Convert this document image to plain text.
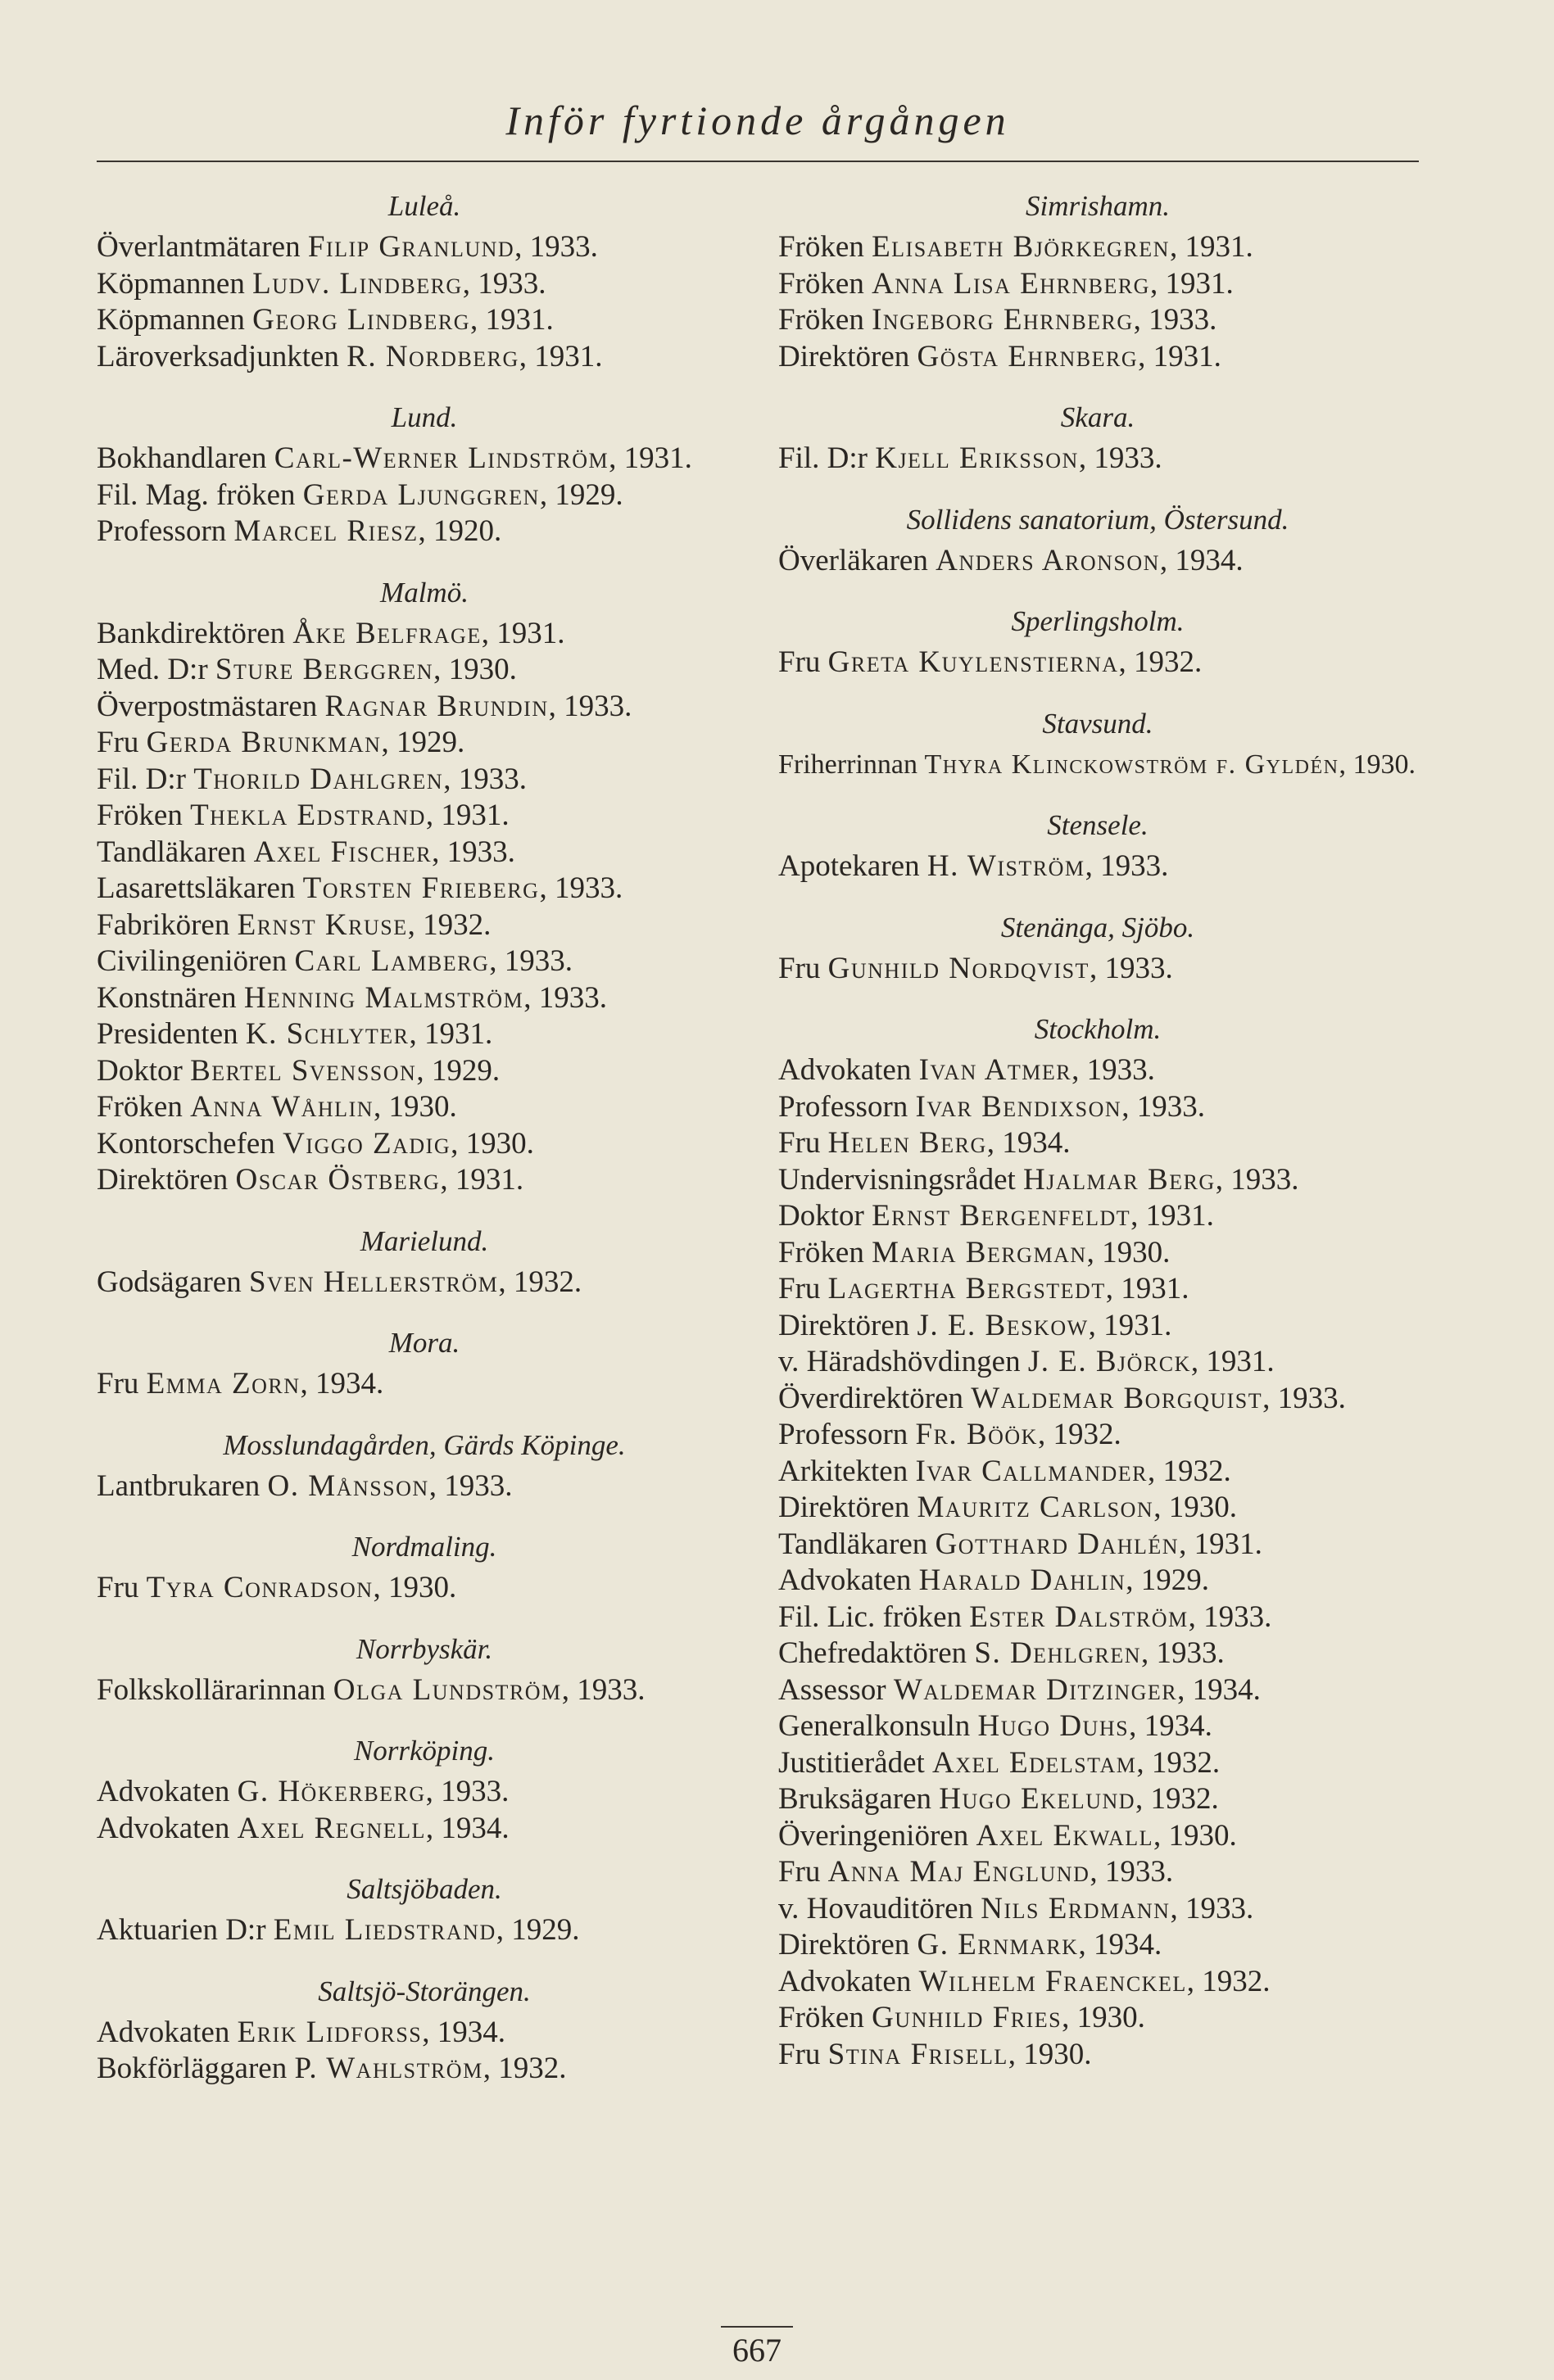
Inför fyrtionde årgången
Luleå.
Överlantmätaren Filip Granlund, 1933.
Köpmannen Ludv. Lindberg, 1933.
Köpmannen Georg Lindberg, 1931.
Läroverksadjunkten R. Nordberg, 1931.
Lund.
Bokhandlaren Carl-Werner Lindström, 1931.
Fil. Mag. fröken Gerda Ljunggren, 1929.
Professorn Marcel Riesz, 1920.
Malmö.
Bankdirektören Åke Belfrage, 1931.
Med. D:r Sture Berggren, 1930.
Överpostmästaren Ragnar Brundin, 1933.
Fru Gerda Brunkman, 1929.
Fil. D:r Thorild Dahlgren, 1933.
Fröken Thekla Edstrand, 1931.
Tandläkaren Axel Fischer, 1933.
Lasarettsläkaren Torsten Frieberg, 1933.
Fabrikören Ernst Kruse, 1932.
Civilingeniören Carl Lamberg, 1933.
Konstnären Henning Malmström, 1933.
Presidenten K. Schlyter, 1931.
Doktor Bertel Svensson, 1929.
Fröken Anna Wåhlin, 1930.
Kontorschefen Viggo Zadig, 1930.
Direktören Oscar Östberg, 1931.
Marielund.
Godsägaren Sven Hellerström, 1932.
Mora.
Fru Emma Zorn, 1934.
Mosslundagården, Gärds Köpinge.
Lantbrukaren O. Månsson, 1933.
Nordmaling.
Fru Tyra Conradson, 1930.
Norrbyskär.
Folkskollärarinnan Olga Lundström, 1933.
Norrköping.
Advokaten G. Hökerberg, 1933.
Advokaten Axel Regnell, 1934.
Saltsjöbaden.
Aktuarien D:r Emil Liedstrand, 1929.
Saltsjö-Storängen.
Advokaten Erik Lidforss, 1934.
Bokförläggaren P. Wahlström, 1932.
Simrishamn.
Fröken Elisabeth Björkegren, 1931.
Fröken Anna Lisa Ehrnberg, 1931.
Fröken Ingeborg Ehrnberg, 1933.
Direktören Gösta Ehrnberg, 1931.
Skara.
Fil. D:r Kjell Eriksson, 1933.
Sollidens sanatorium, Östersund.
Överläkaren Anders Aronson, 1934.
Sperlingsholm.
Fru Greta Kuylenstierna, 1932.
Stavsund.
Friherrinnan Thyra Klinckowström f. Gyldén, 1930.
Stensele.
Apotekaren H. Wiström, 1933.
Stenänga, Sjöbo.
Fru Gunhild Nordqvist, 1933.
Stockholm.
Advokaten Ivan Atmer, 1933.
Professorn Ivar Bendixson, 1933.
Fru Helen Berg, 1934.
Undervisningsrådet Hjalmar Berg, 1933.
Doktor Ernst Bergenfeldt, 1931.
Fröken Maria Bergman, 1930.
Fru Lagertha Bergstedt, 1931.
Direktören J. E. Beskow, 1931.
v. Häradshövdingen J. E. Björck, 1931.
Överdirektören Waldemar Borgquist, 1933.
Professorn Fr. Böök, 1932.
Arkitekten Ivar Callmander, 1932.
Direktören Mauritz Carlson, 1930.
Tandläkaren Gotthard Dahlén, 1931.
Advokaten Harald Dahlin, 1929.
Fil. Lic. fröken Ester Dalström, 1933.
Chefredaktören S. Dehlgren, 1933.
Assessor Waldemar Ditzinger, 1934.
Generalkonsuln Hugo Duhs, 1934.
Justitierådet Axel Edelstam, 1932.
Bruksägaren Hugo Ekelund, 1932.
Överingeniören Axel Ekwall, 1930.
Fru Anna Maj Englund, 1933.
v. Hovauditören Nils Erdmann, 1933.
Direktören G. Ernmark, 1934.
Advokaten Wilhelm Fraenckel, 1932.
Fröken Gunhild Fries, 1930.
Fru Stina Frisell, 1930.
667
